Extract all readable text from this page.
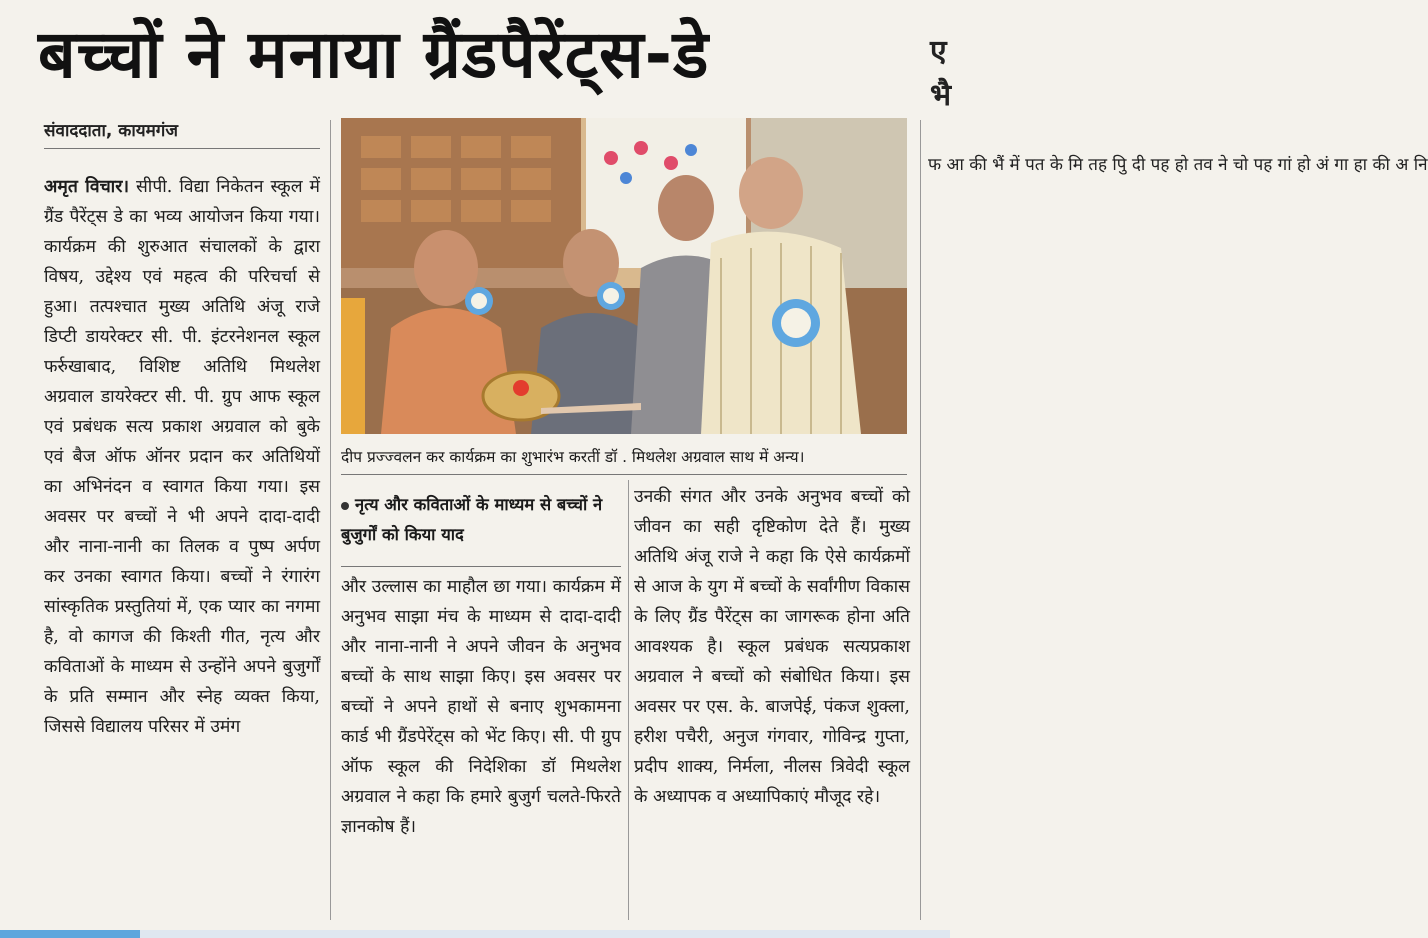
बच्चों ने मनाया ग्रैंडपैरेंट्स-डे	ए भै
संवाददाता, कायमगंज

अमृत विचार। सीपी. विद्या निकेतन स्कूल में ग्रैंड पैरेंट्स डे का भव्य आयोजन किया गया। कार्यक्रम की शुरुआत संचालकों के द्वारा विषय, उद्देश्य एवं महत्व की परिचर्चा से हुआ। तत्पश्चात मुख्य अतिथि अंजू राजे डिप्टी डायरेक्टर सी. पी. इंटरनेशनल स्कूल फर्रुखाबाद, विशिष्ट अतिथि मिथलेश अग्रवाल डायरेक्टर सी. पी. ग्रुप आफ स्कूल एवं प्रबंधक सत्य प्रकाश अग्रवाल को बुके एवं बैज ऑफ ऑनर प्रदान कर अतिथियों का अभिनंदन व स्वागत किया गया। इस अवसर पर बच्चों ने भी अपने दादा-दादी और नाना-नानी का तिलक व पुष्प अर्पण कर उनका स्वागत किया। बच्चों ने रंगारंग सांस्कृतिक प्रस्तुतियां में, एक प्यार का नगमा है, वो कागज की किश्ती गीत, नृत्य और कविताओं के माध्यम से उन्होंने अपने बुजुर्गों के प्रति सम्मान और स्नेह व्यक्त किया, जिससे विद्यालय परिसर में उमंग

दीप प्रज्ज्वलन कर कार्यक्रम का शुभारंभ करतीं डॉ . मिथलेश अग्रवाल साथ में अन्य।
नृत्य और कविताओं के माध्यम से बच्चों ने बुजुर्गों को किया याद

और उल्लास का माहौल छा गया। कार्यक्रम में अनुभव साझा मंच के माध्यम से दादा-दादी और नाना-नानी ने अपने जीवन के अनुभव बच्चों के साथ साझा किए। इस अवसर पर बच्चों ने अपने हाथों से बनाए शुभकामना कार्ड भी ग्रैंडपेरेंट्स को भेंट किए। सी. पी ग्रुप ऑफ स्कूल की निदेशिका डॉ मिथलेश अग्रवाल ने कहा कि हमारे बुजुर्ग चलते-फिरते ज्ञानकोष हैं।

उनकी संगत और उनके अनुभव बच्चों को जीवन का सही दृष्टिकोण देते हैं। मुख्य अतिथि अंजू राजे ने कहा कि ऐसे कार्यक्रमों से आज के युग में बच्चों के सर्वांगीण विकास के लिए ग्रैंड पैरेंट्स का जागरूक होना अति आवश्यक है। स्कूल प्रबंधक सत्यप्रकाश अग्रवाल ने बच्चों को संबोधित किया। इस अवसर पर एस. के. बाजपेई, पंकज शुक्ला, हरीश पचैरी, अनुज गंगवार, गोविन्द्र गुप्ता, प्रदीप शाक्य, निर्मला, नीलस त्रिवेदी स्कूल के अध्यापक व अध्यापिकाएं मौजूद रहे।

फ आ की भैं में पत के मि तह पुि दी पह हो तव ने चो पह गां हो अं गा हा की अ नि
